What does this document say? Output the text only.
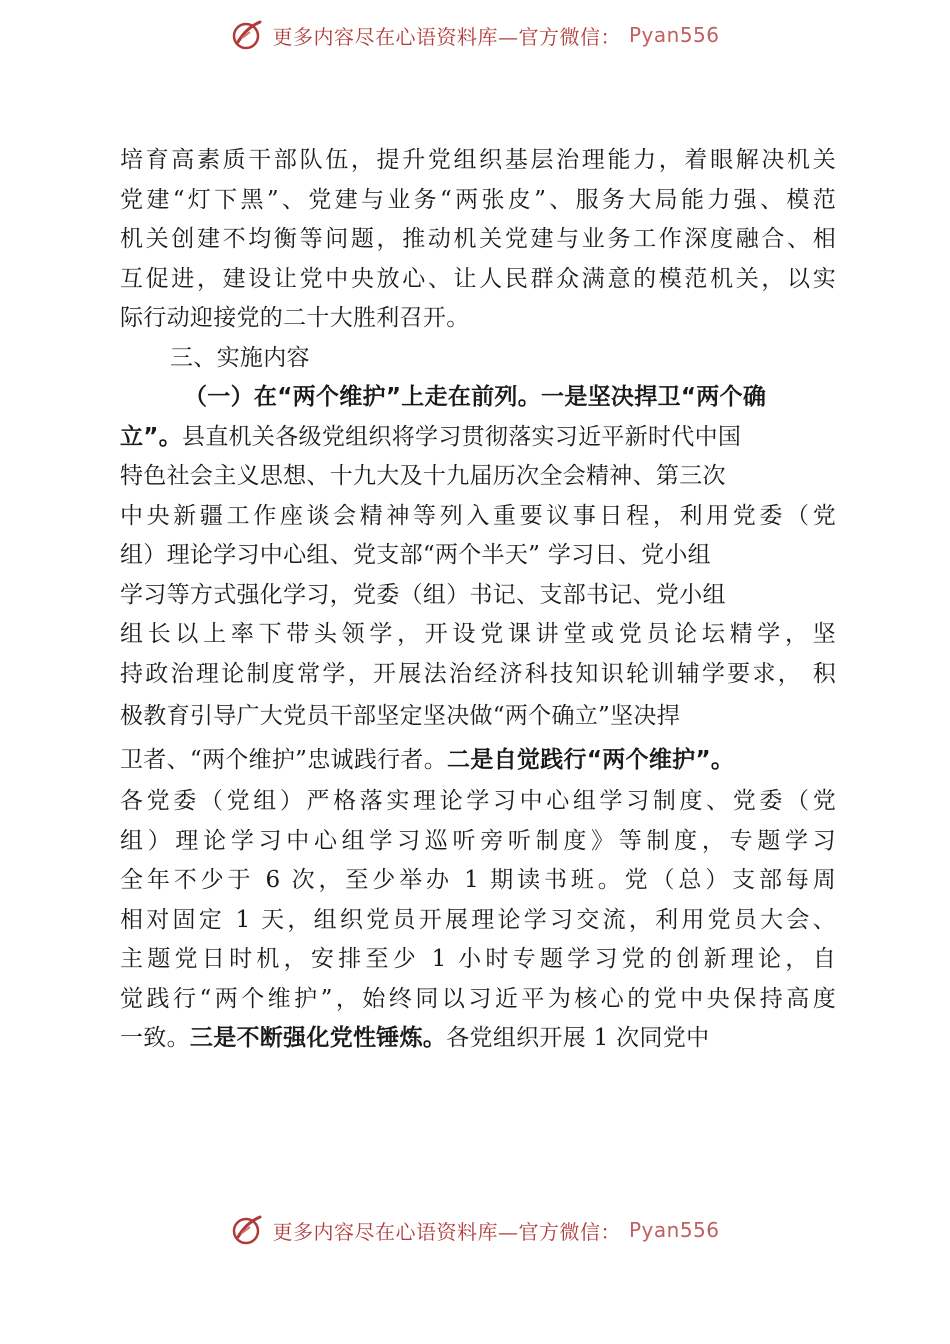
更多内容尽在心语资料库—官方微信： Pyan556
培育高素质干部队伍，提升党组织基层治理能力，着眼解决机关
党建“灯下黑”、党建与业务“两张皮”、服务大局能力强、模范
机关创建不均衡等问题，推动机关党建与业务工作深度融合、相
互促进，建设让党中央放心、让人民群众满意的模范机关，以实
际行动迎接党的二十大胜利召开。
三、实施内容
（一）在“两个维护”上走在前列。一是坚决捍卫“两个确
立”。县直机关各级党组织将学习贯彻落实习近平新时代中国
特色社会主义思想、十九大及十九届历次全会精神、第三次
中央新疆工作座谈会精神等列入重要议事日程，利用党委（党
组）理论学习中心组、党支部“两个半天” 学习日、党小组
学习等方式强化学习，党委（组）书记、支部书记、党小组
组长以上率下带头领学，开设党课讲堂或党员论坛精学，坚
持政治理论制度常学，开展法治经济科技知识轮训辅学要求， 积
极教育引导广大党员干部坚定坚决做“两个确立”坚决捍
卫者、“两个维护”忠诚践行者。二是自觉践行“两个维护”。
各党委（党组）严格落实理论学习中心组学习制度、党委（党
组）理论学习中心组学习巡听旁听制度》等制度，专题学习
全年不少于 6 次，至少举办 1 期读书班。党（总）支部每周
相对固定 1 天，组织党员开展理论学习交流，利用党员大会、
主题党日时机，安排至少 1 小时专题学习党的创新理论，自
觉践行“两个维护”，始终同以习近平为核心的党中央保持高度
一致。三是不断强化党性锤炼。各党组织开展 1 次同党中
更多内容尽在心语资料库—官方微信： Pyan556
